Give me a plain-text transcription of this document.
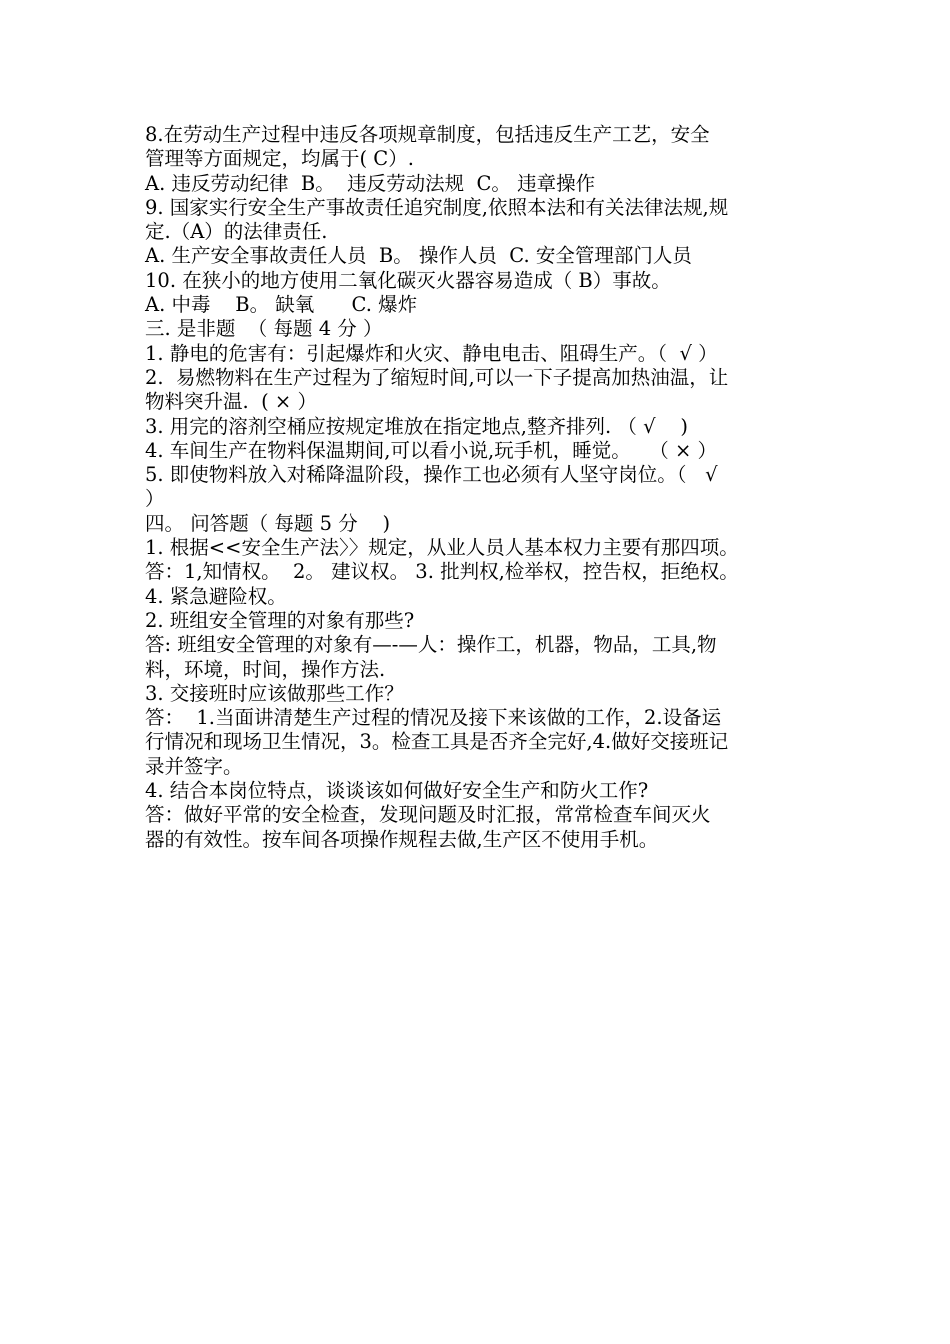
8.在劳动生产过程中违反各项规章制度，包括违反生产工艺，安全
管理等方面规定，均属于( C）.
A. 违反劳动纪律  B。  违反劳动法规  C。 违章操作
9. 国家实行安全生产事故责任追究制度,依照本法和有关法律法规,规
定.（A）的法律责任.
A. 生产安全事故责任人员  B。 操作人员  C. 安全管理部门人员
10. 在狭小的地方使用二氧化碳灭火器容易造成（ B）事故。
A. 中毒    B。 缺氧      C. 爆炸
三. 是非题  （ 每题 4 分 ）
1. 静电的危害有：引起爆炸和火灾、静电电击、阻碍生产。（  √ ）
2.  易燃物料在生产过程为了缩短时间,可以一下子提高加热油温，让
物料突升温.  ( × ）
3. 用完的溶剂空桶应按规定堆放在指定地点,整齐排列. （ √    )
4. 车间生产在物料保温期间,可以看小说,玩手机，睡觉。   （ × ）
5. 即使物料放入对稀降温阶段，操作工也必须有人坚守岗位。（   √
）
四。 问答题（ 每题 5 分    )
1. 根据<<安全生产法〉〉规定，从业人员人基本权力主要有那四项。
答：1,知情权。  2。 建议权。 3. 批判权,检举权，控告权，拒绝权。
4. 紧急避险权。
2. 班组安全管理的对象有那些?
答: 班组安全管理的对象有—-—人：操作工，机器，物品，工具,物
料，环境，时间，操作方法.
3. 交接班时应该做那些工作？
答：  1.当面讲清楚生产过程的情况及接下来该做的工作，2.设备运
行情况和现场卫生情况，3。检查工具是否齐全完好,4.做好交接班记
录并签字。
4. 结合本岗位特点，谈谈该如何做好安全生产和防火工作?
答：做好平常的安全检查，发现问题及时汇报，常常检查车间灭火
器的有效性。按车间各项操作规程去做,生产区不使用手机。
